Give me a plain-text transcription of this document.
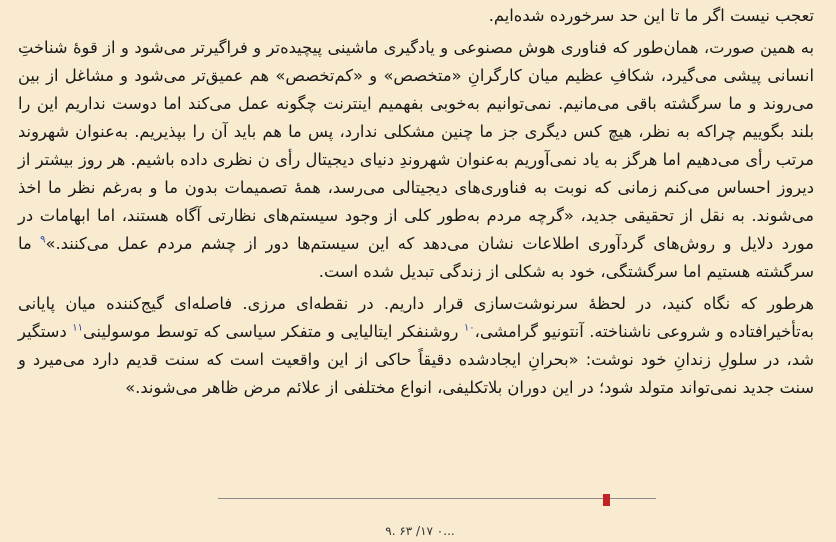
تعجب نیست اگر ما تا این حد سرخورده شده‌ایم.

به همین صورت، همان‌طور که فناوری هوش مصنوعی و یادگیری ماشینی پیچیده‌تر و فراگیرتر می‌شود و از قوهٔ شناختِ انسانی پیشی می‌گیرد، شکافِ عظیم میان کارگرانِ «متخصص» و «کم‌تخصص» هم عمیق‌تر می‌شود و مشاغل از بین می‌روند و ما سرگشته باقی می‌مانیم. نمی‌توانیم به‌خوبی بفهمیم اینترنت چگونه عمل می‌کند اما دوست نداریم این را بلند بگوییم چراکه به نظر، هیچ کس دیگری جز ما چنین مشکلی ندارد، پس ما هم باید آن را بپذیریم. به‌عنوان شهروند مرتب رأی می‌دهیم اما هرگز به یاد نمی‌آوریم به‌عنوان شهروندِ دنیای دیجیتال رأی ن نظری داده باشیم. هر روز بیشتر از دیروز احساس می‌کنم زمانی که نوبت به فناوری‌های دیجیتالی می‌رسد، همهٔ تصمیمات بدون ما و به‌رغم نظر ما اخذ می‌شوند. به نقل از تحقیقی جدید، «گرچه مردم به‌طور کلی از وجود سیستم‌های نظارتی آگاه هستند، اما ابهامات در مورد دلایل و روش‌های گردآوری اطلاعات نشان می‌دهد که این سیستم‌ها دور از چشم مردم عمل می‌کنند.»$^۹$ ما سرگشته هستیم اما سرگشتگی، خود به شکلی از زندگی تبدیل شده است.

هرطور که نگاه کنید، در لحظهٔ سرنوشت‌سازی قرار داریم. در نقطه‌ای مرزی. فاصله‌ای گیج‌کننده میان پایانی به‌تأخیرافتاده و شروعی ناشناخته. آنتونیو گرامشی،$^{۱۰}$ روشنفکر ایتالیایی و متفکر سیاسی که توسط موسولینی$^{۱۱}$ دستگیر شد، در سلولِ زندانِ خود نوشت: «بحرانِ ایجادشده دقیقاً حاکی از این واقعیت است که سنت قدیم دارد می‌میرد و سنت جدید نمی‌تواند متولد شود؛ در این دوران بلاتکلیفی، انواع مختلفی از علائم مرض ظاهر می‌شوند.»

۹. ۶۳ /۱۷ ۰...
